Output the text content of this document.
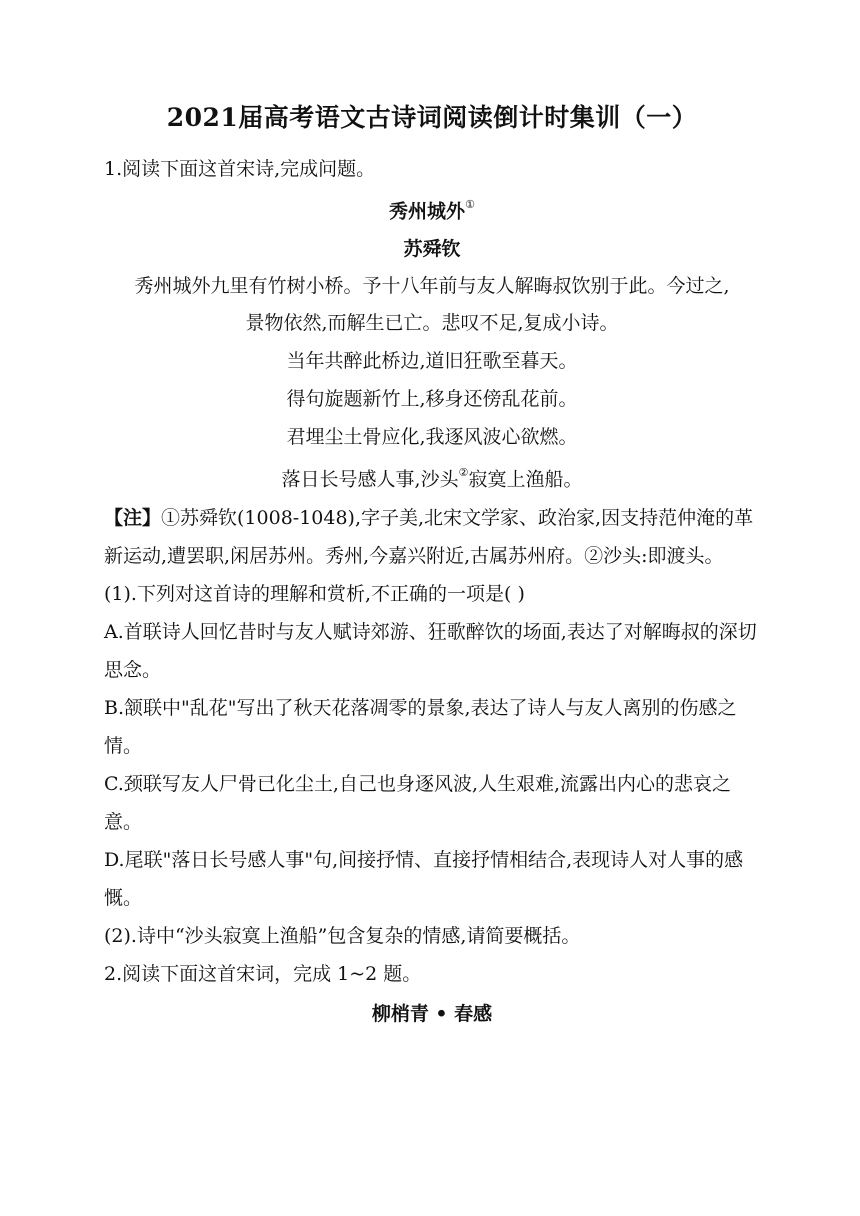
2021届高考语文古诗词阅读倒计时集训（一）

1.阅读下面这首宋诗,完成问题。

秀州城外①

苏舜钦

秀州城外九里有竹树小桥。予十八年前与友人解晦叔饮别于此。今过之,

景物依然,而解生已亡。悲叹不足,复成小诗。

当年共醉此桥边,道旧狂歌至暮天。

得句旋题新竹上,移身还傍乱花前。

君埋尘土骨应化,我逐风波心欲燃。

落日长号感人事,沙头②寂寞上渔船。

【注】①苏舜钦(1008-1048),字子美,北宋文学家、政治家,因支持范仲淹的革新运动,遭罢职,闲居苏州。秀州,今嘉兴附近,古属苏州府。②沙头:即渡头。

(1).下列对这首诗的理解和赏析,不正确的一项是( )

A.首联诗人回忆昔时与友人赋诗郊游、狂歌醉饮的场面,表达了对解晦叔的深切思念。

B.颔联中"乱花"写出了秋天花落凋零的景象,表达了诗人与友人离别的伤感之情。

C.颈联写友人尸骨已化尘土,自己也身逐风波,人生艰难,流露出内心的悲哀之意。

D.尾联"落日长号感人事"句,间接抒情、直接抒情相结合,表现诗人对人事的感慨。

(2).诗中“沙头寂寞上渔船”包含复杂的情感,请简要概括。

2.阅读下面这首宋词，完成 1~2 题。

柳梢青 • 春感
